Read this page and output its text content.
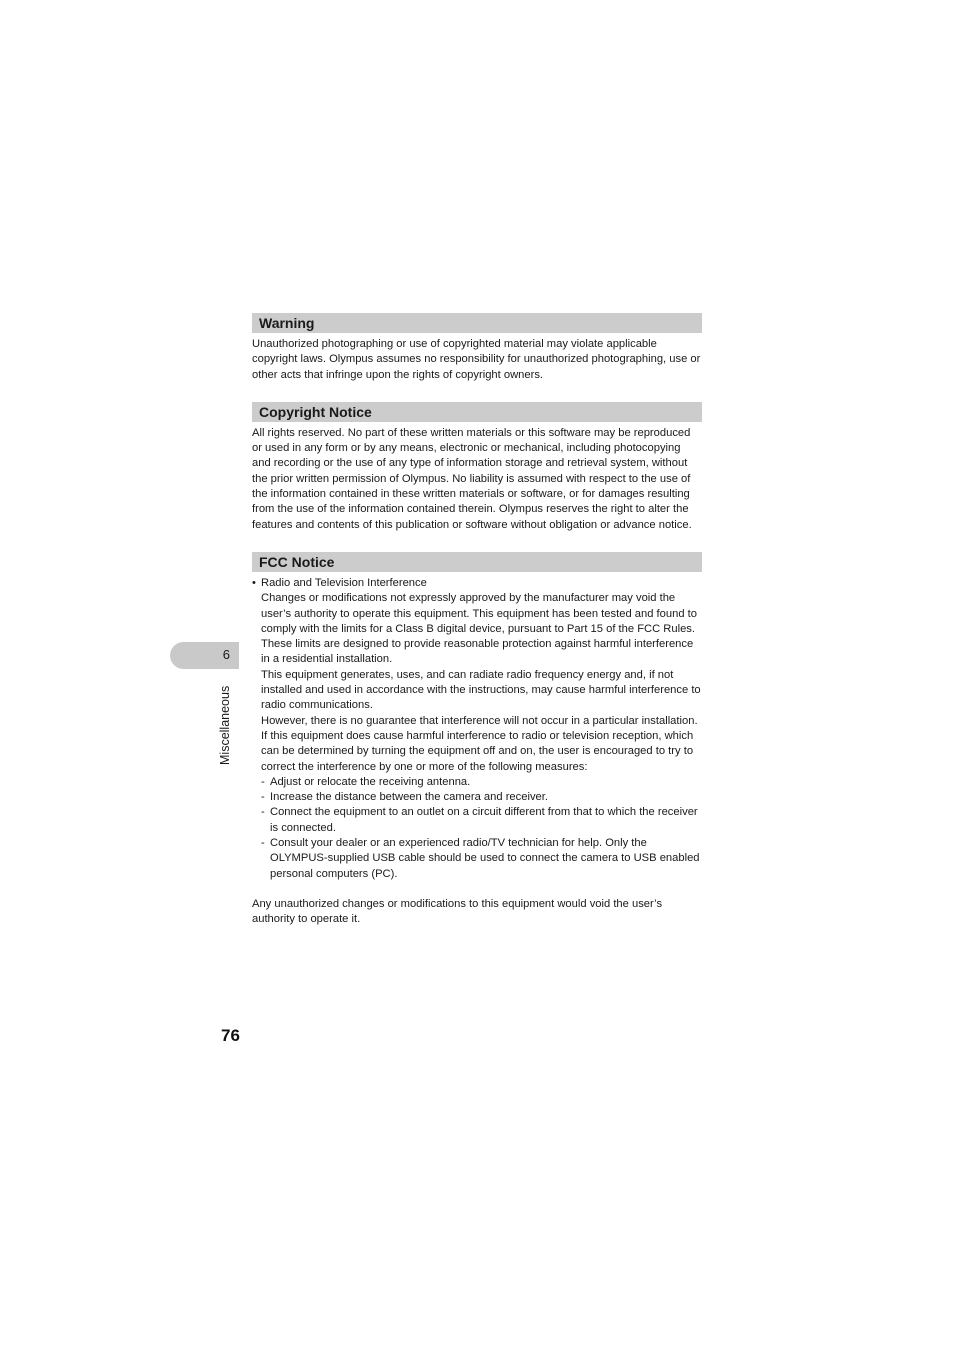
6
Miscellaneous
Warning

Unauthorized photographing or use of copyrighted material may violate applicable copyright laws. Olympus assumes no responsibility for unauthorized photographing, use or other acts that infringe upon the rights of copyright owners.

Copyright Notice

All rights reserved. No part of these written materials or this software may be reproduced or used in any form or by any means, electronic or mechanical, including photocopying and recording or the use of any type of information storage and retrieval system, without the prior written permission of Olympus. No liability is assumed with respect to the use of the information contained in these written materials or software, or for damages resulting from the use of the information contained therein. Olympus reserves the right to alter the features and contents of this publication or software without obligation or advance notice.

FCC Notice
• Radio and Television Interference

Changes or modifications not expressly approved by the manufacturer may void the user’s authority to operate this equipment. This equipment has been tested and found to comply with the limits for a Class B digital device, pursuant to Part 15 of the FCC Rules. These limits are designed to provide reasonable protection against harmful interference in a residential installation.

This equipment generates, uses, and can radiate radio frequency energy and, if not installed and used in accordance with the instructions, may cause harmful interference to radio communications.

However, there is no guarantee that interference will not occur in a particular installation. If this equipment does cause harmful interference to radio or television reception, which can be determined by turning the equipment off and on, the user is encouraged to try to correct the interference by one or more of the following measures:

- Adjust or relocate the receiving antenna.

- Increase the distance between the camera and receiver.

- Connect the equipment to an outlet on a circuit different from that to which the receiver is connected.

- Consult your dealer or an experienced radio/TV technician for help. Only the OLYMPUS-supplied USB cable should be used to connect the camera to USB enabled personal computers (PC).

Any unauthorized changes or modifications to this equipment would void the user’s authority to operate it.

76
